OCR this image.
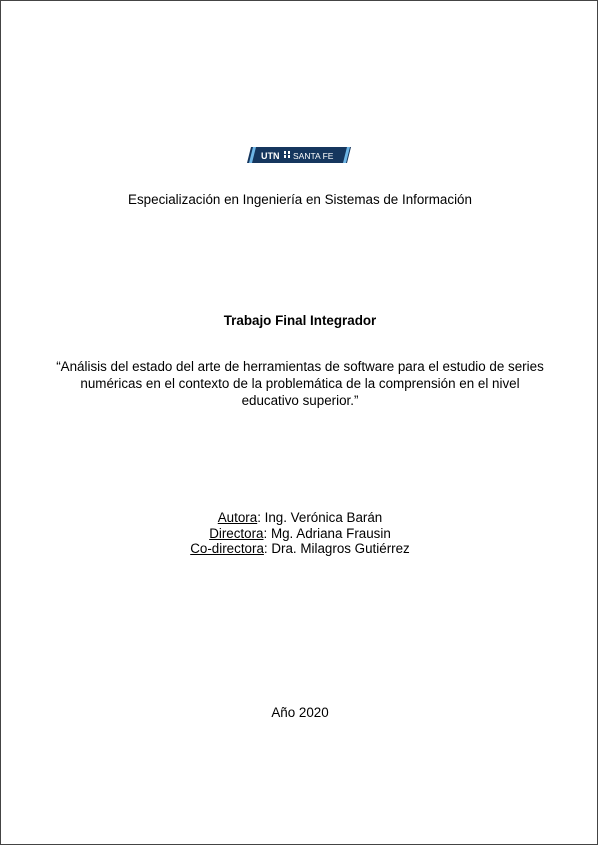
UTN SANTA FE
Especialización en Ingeniería en Sistemas de Información
Trabajo Final Integrador
“Análisis del estado del arte de herramientas de software para el estudio de series numéricas en el contexto de la problemática de la comprensión en el nivel educativo superior.”
Autora: Ing. Verónica Barán
Directora: Mg. Adriana Frausin
Co-directora: Dra. Milagros Gutiérrez
Año 2020
